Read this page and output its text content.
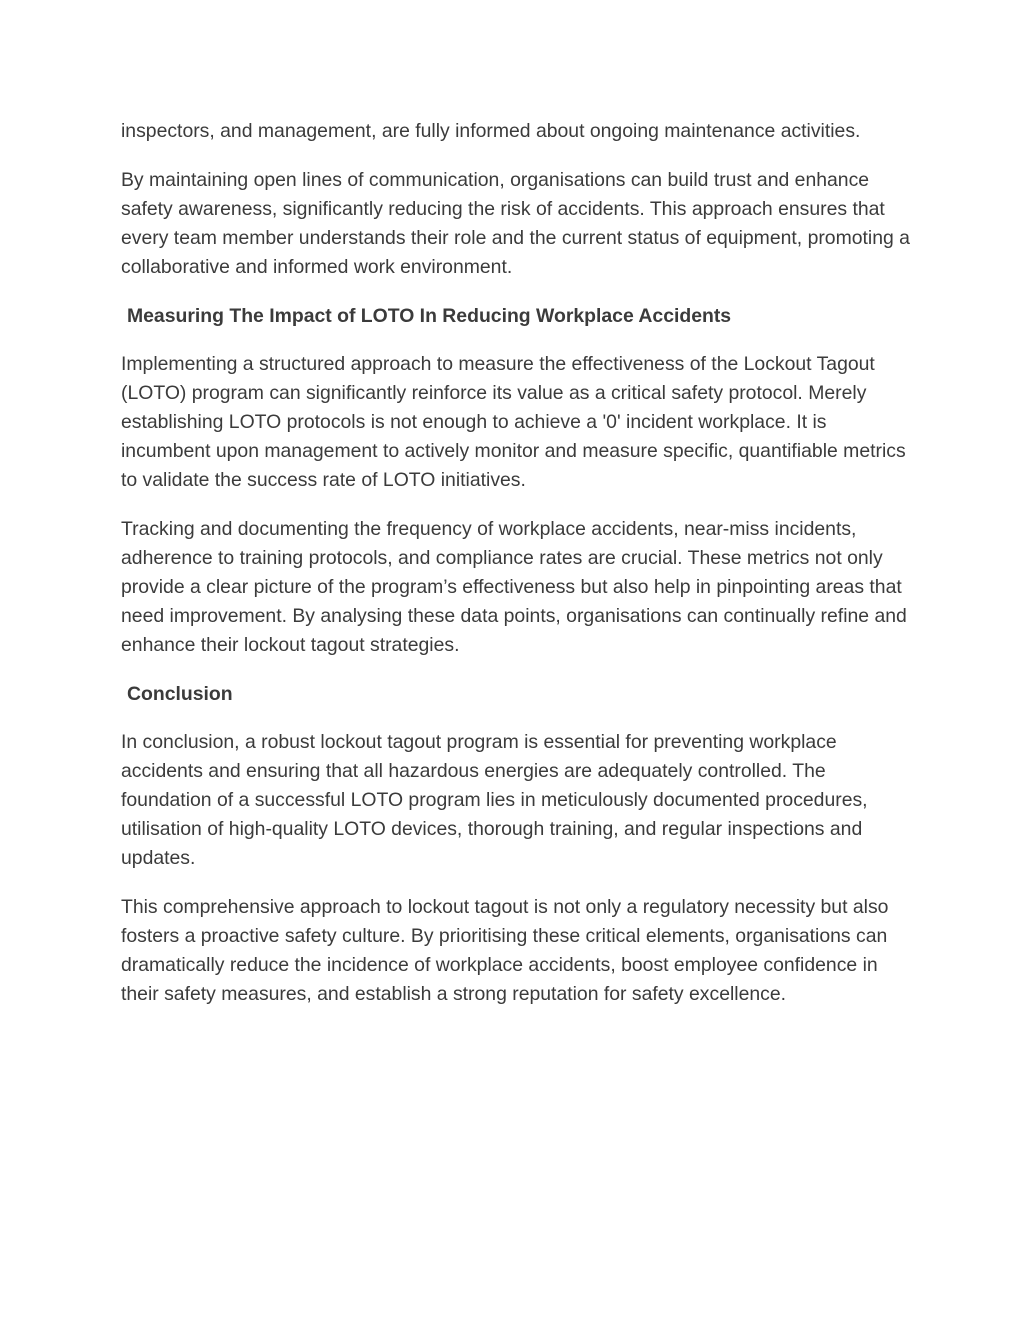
inspectors, and management, are fully informed about ongoing maintenance activities.

By maintaining open lines of communication, organisations can build trust and enhance safety awareness, significantly reducing the risk of accidents. This approach ensures that every team member understands their role and the current status of equipment, promoting a collaborative and informed work environment.

Measuring The Impact of LOTO In Reducing Workplace Accidents

Implementing a structured approach to measure the effectiveness of the Lockout Tagout (LOTO) program can significantly reinforce its value as a critical safety protocol. Merely establishing LOTO protocols is not enough to achieve a '0' incident workplace. It is incumbent upon management to actively monitor and measure specific, quantifiable metrics to validate the success rate of LOTO initiatives.

Tracking and documenting the frequency of workplace accidents, near-miss incidents, adherence to training protocols, and compliance rates are crucial. These metrics not only provide a clear picture of the program’s effectiveness but also help in pinpointing areas that need improvement. By analysing these data points, organisations can continually refine and enhance their lockout tagout strategies.

Conclusion

In conclusion, a robust lockout tagout program is essential for preventing workplace accidents and ensuring that all hazardous energies are adequately controlled. The foundation of a successful LOTO program lies in meticulously documented procedures, utilisation of high-quality LOTO devices, thorough training, and regular inspections and updates.

This comprehensive approach to lockout tagout is not only a regulatory necessity but also fosters a proactive safety culture. By prioritising these critical elements, organisations can dramatically reduce the incidence of workplace accidents, boost employee confidence in their safety measures, and establish a strong reputation for safety excellence.
